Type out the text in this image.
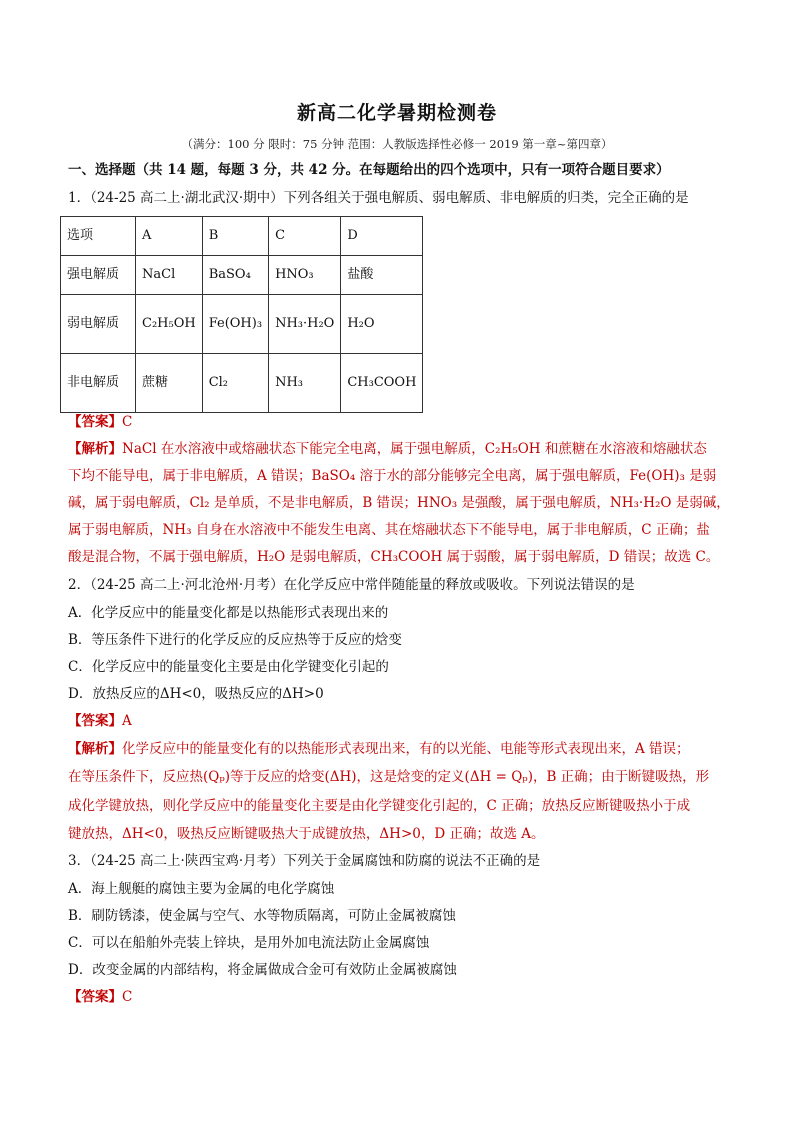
新高二化学暑期检测卷
（满分：100 分 限时：75 分钟 范围：人教版选择性必修一 2019 第一章~第四章）
一、选择题（共 14 题，每题 3 分，共 42 分。在每题给出的四个选项中，只有一项符合题目要求）
1．（24-25 高二上·湖北武汉·期中）下列各组关于强电解质、弱电解质、非电解质的归类，完全正确的是
选项	A	B	C	D
强电解质	NaCl	BaSO₄	HNO₃	盐酸
弱电解质	C₂H₅OH	Fe(OH)₃	NH₃·H₂O	H₂O
非电解质	蔗糖	Cl₂	NH₃	CH₃COOH
【答案】C
【解析】NaCl 在水溶液中或熔融状态下能完全电离，属于强电解质，C₂H₅OH 和蔗糖在水溶液和熔融状态
下均不能导电，属于非电解质，A 错误；BaSO₄ 溶于水的部分能够完全电离，属于强电解质，Fe(OH)₃ 是弱
碱，属于弱电解质，Cl₂ 是单质，不是非电解质，B 错误；HNO₃ 是强酸，属于强电解质，NH₃·H₂O 是弱碱，
属于弱电解质，NH₃ 自身在水溶液中不能发生电离、其在熔融状态下不能导电，属于非电解质，C 正确；盐
酸是混合物，不属于强电解质，H₂O 是弱电解质，CH₃COOH 属于弱酸，属于弱电解质，D 错误；故选 C。
2．（24-25 高二上·河北沧州·月考）在化学反应中常伴随能量的释放或吸收。下列说法错误的是
A．化学反应中的能量变化都是以热能形式表现出来的
B．等压条件下进行的化学反应的反应热等于反应的焓变
C．化学反应中的能量变化主要是由化学键变化引起的
D．放热反应的ΔH<0，吸热反应的ΔH>0
【答案】A
【解析】化学反应中的能量变化有的以热能形式表现出来，有的以光能、电能等形式表现出来，A 错误；
在等压条件下，反应热(Qₚ)等于反应的焓变(ΔH)，这是焓变的定义(ΔH = Qₚ)，B 正确；由于断键吸热，形
成化学键放热，则化学反应中的能量变化主要是由化学键变化引起的，C 正确；放热反应断键吸热小于成
键放热，ΔH<0，吸热反应断键吸热大于成键放热，ΔH>0，D 正确；故选 A。
3．（24-25 高二上·陕西宝鸡·月考）下列关于金属腐蚀和防腐的说法不正确的是
A．海上舰艇的腐蚀主要为金属的电化学腐蚀
B．刷防锈漆，使金属与空气、水等物质隔离，可防止金属被腐蚀
C．可以在船舶外壳装上锌块，是用外加电流法防止金属腐蚀
D．改变金属的内部结构，将金属做成合金可有效防止金属被腐蚀
【答案】C
